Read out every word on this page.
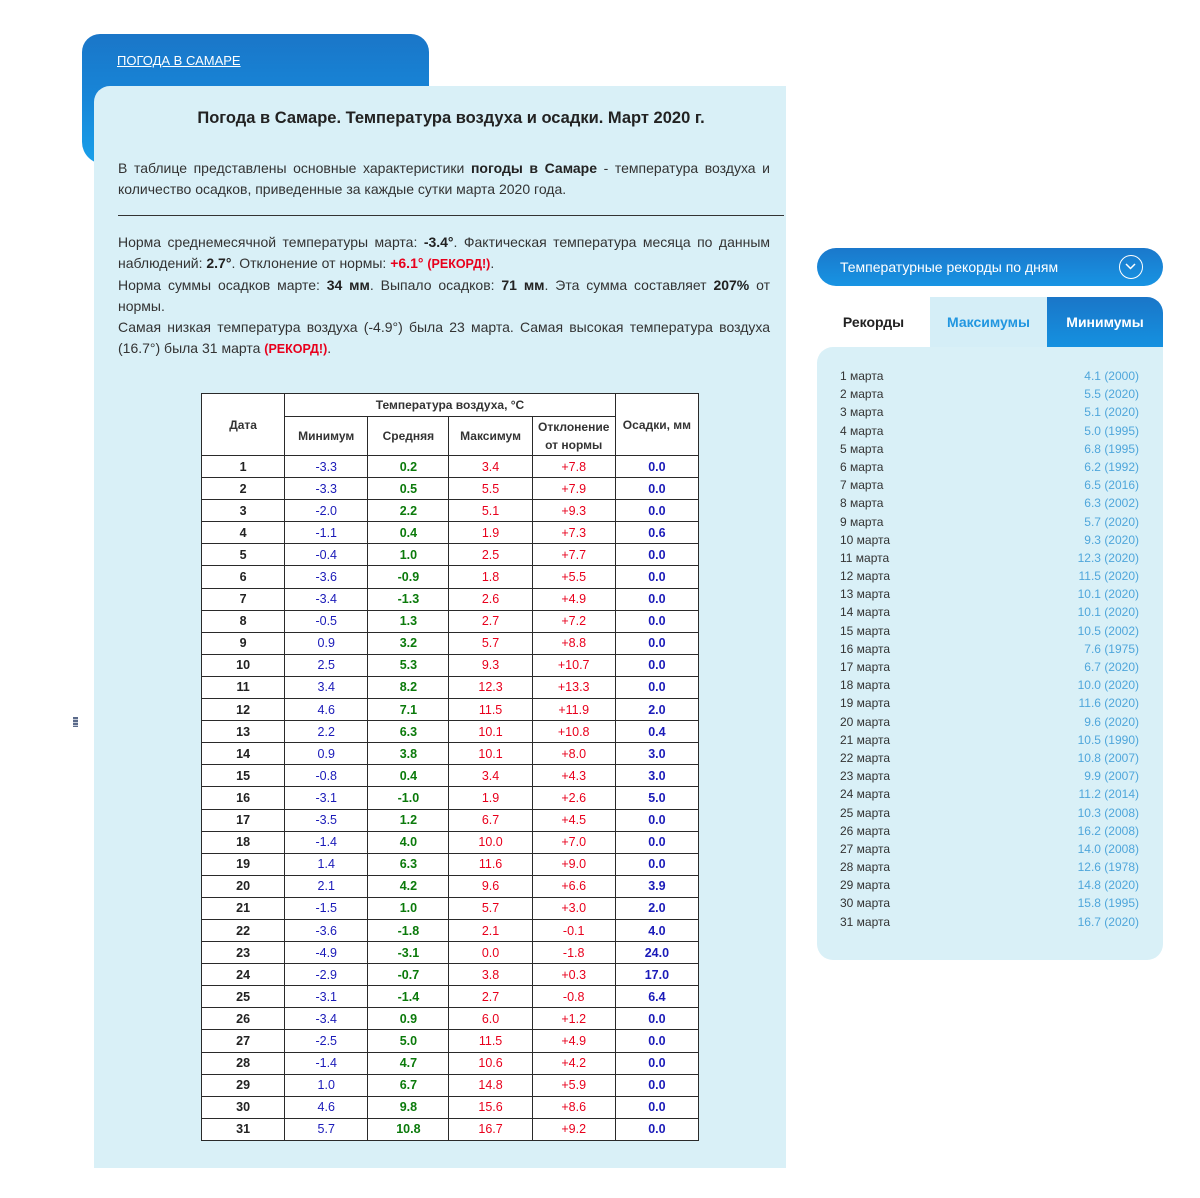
ПОГОДА В САМАРЕ
Погода в Самаре. Температура воздуха и осадки. Март 2020 г.
В таблице представлены основные характеристики погоды в Самаре - температура воздуха и количество осадков, приведенные за каждые сутки марта 2020 года.
Норма среднемесячной температуры марта: -3.4°. Фактическая температура месяца по данным наблюдений: 2.7°. Отклонение от нормы: +6.1° (РЕКОРД!).
Норма суммы осадков марте: 34 мм. Выпало осадков: 71 мм. Эта сумма составляет 207% от нормы.
Самая низкая температура воздуха (-4.9°) была 23 марта. Самая высокая температура воздуха (16.7°) была 31 марта (РЕКОРД!).
Дата	Температура воздуха, °С				Осадки, мм
	Минимум	Средняя	Максимум	Отклонение
от нормы	
1	-3.3	0.2	3.4	+7.8	0.0
2	-3.3	0.5	5.5	+7.9	0.0
3	-2.0	2.2	5.1	+9.3	0.0
4	-1.1	0.4	1.9	+7.3	0.6
5	-0.4	1.0	2.5	+7.7	0.0
6	-3.6	-0.9	1.8	+5.5	0.0
7	-3.4	-1.3	2.6	+4.9	0.0
8	-0.5	1.3	2.7	+7.2	0.0
9	0.9	3.2	5.7	+8.8	0.0
10	2.5	5.3	9.3	+10.7	0.0
11	3.4	8.2	12.3	+13.3	0.0
12	4.6	7.1	11.5	+11.9	2.0
13	2.2	6.3	10.1	+10.8	0.4
14	0.9	3.8	10.1	+8.0	3.0
15	-0.8	0.4	3.4	+4.3	3.0
16	-3.1	-1.0	1.9	+2.6	5.0
17	-3.5	1.2	6.7	+4.5	0.0
18	-1.4	4.0	10.0	+7.0	0.0
19	1.4	6.3	11.6	+9.0	0.0
20	2.1	4.2	9.6	+6.6	3.9
21	-1.5	1.0	5.7	+3.0	2.0
22	-3.6	-1.8	2.1	-0.1	4.0
23	-4.9	-3.1	0.0	-1.8	24.0
24	-2.9	-0.7	3.8	+0.3	17.0
25	-3.1	-1.4	2.7	-0.8	6.4
26	-3.4	0.9	6.0	+1.2	0.0
27	-2.5	5.0	11.5	+4.9	0.0
28	-1.4	4.7	10.6	+4.2	0.0
29	1.0	6.7	14.8	+5.9	0.0
30	4.6	9.8	15.6	+8.6	0.0
31	5.7	10.8	16.7	+9.2	0.0
Температурные рекорды по дням
Рекорды	Максимумы	Минимумы
1 марта	4.1 (2000)
2 марта	5.5 (2020)
3 марта	5.1 (2020)
4 марта	5.0 (1995)
5 марта	6.8 (1995)
6 марта	6.2 (1992)
7 марта	6.5 (2016)
8 марта	6.3 (2002)
9 марта	5.7 (2020)
10 марта	9.3 (2020)
11 марта	12.3 (2020)
12 марта	11.5 (2020)
13 марта	10.1 (2020)
14 марта	10.1 (2020)
15 марта	10.5 (2002)
16 марта	7.6 (1975)
17 марта	6.7 (2020)
18 марта	10.0 (2020)
19 марта	11.6 (2020)
20 марта	9.6 (2020)
21 марта	10.5 (1990)
22 марта	10.8 (2007)
23 марта	9.9 (2007)
24 марта	11.2 (2014)
25 марта	10.3 (2008)
26 марта	16.2 (2008)
27 марта	14.0 (2008)
28 марта	12.6 (1978)
29 марта	14.8 (2020)
30 марта	15.8 (1995)
31 марта	16.7 (2020)
